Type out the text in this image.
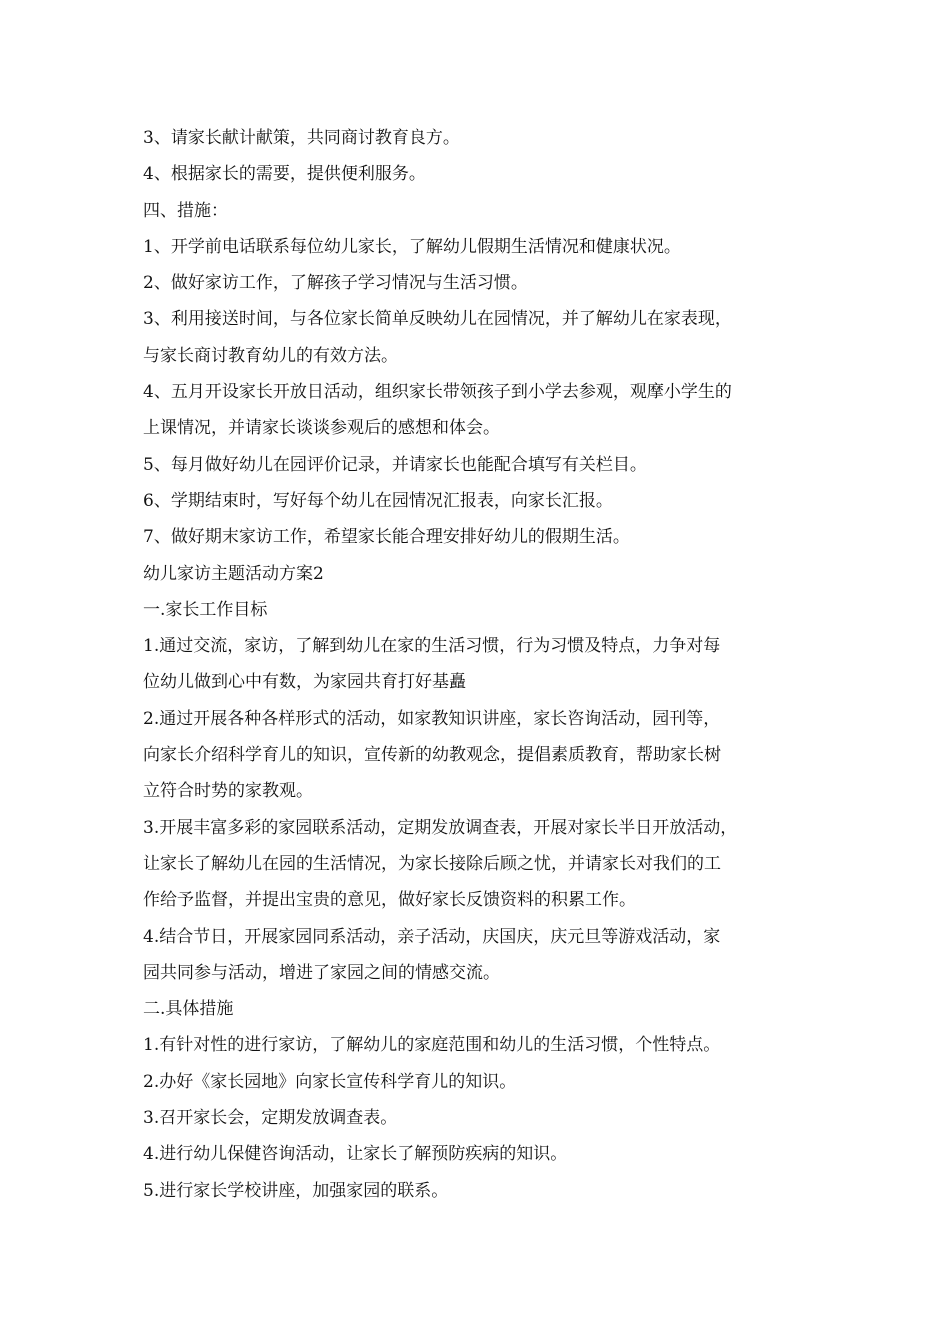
3、请家长献计献策，共同商讨教育良方。
4、根据家长的需要，提供便利服务。
四、措施：
1、开学前电话联系每位幼儿家长，了解幼儿假期生活情况和健康状况。
2、做好家访工作，了解孩子学习情况与生活习惯。
3、利用接送时间，与各位家长简单反映幼儿在园情况，并了解幼儿在家表现，
与家长商讨教育幼儿的有效方法。
4、五月开设家长开放日活动，组织家长带领孩子到小学去参观，观摩小学生的
上课情况，并请家长谈谈参观后的感想和体会。
5、每月做好幼儿在园评价记录，并请家长也能配合填写有关栏目。
6、学期结束时，写好每个幼儿在园情况汇报表，向家长汇报。
7、做好期末家访工作，希望家长能合理安排好幼儿的假期生活。
幼儿家访主题活动方案2
一.家长工作目标
1.通过交流，家访，了解到幼儿在家的生活习惯，行为习惯及特点，力争对每
位幼儿做到心中有数，为家园共育打好基矗
2.通过开展各种各样形式的活动，如家教知识讲座，家长咨询活动，园刊等，
向家长介绍科学育儿的知识，宣传新的幼教观念，提倡素质教育，帮助家长树
立符合时势的家教观。
3.开展丰富多彩的家园联系活动，定期发放调查表，开展对家长半日开放活动，
让家长了解幼儿在园的生活情况，为家长接除后顾之忧，并请家长对我们的工
作给予监督，并提出宝贵的意见，做好家长反馈资料的积累工作。
4.结合节日，开展家园同系活动，亲子活动，庆国庆，庆元旦等游戏活动，家
园共同参与活动，增进了家园之间的情感交流。
二.具体措施
1.有针对性的进行家访，了解幼儿的家庭范围和幼儿的生活习惯，个性特点。
2.办好《家长园地》向家长宣传科学育儿的知识。
3.召开家长会，定期发放调查表。
4.进行幼儿保健咨询活动，让家长了解预防疾病的知识。
5.进行家长学校讲座，加强家园的联系。
